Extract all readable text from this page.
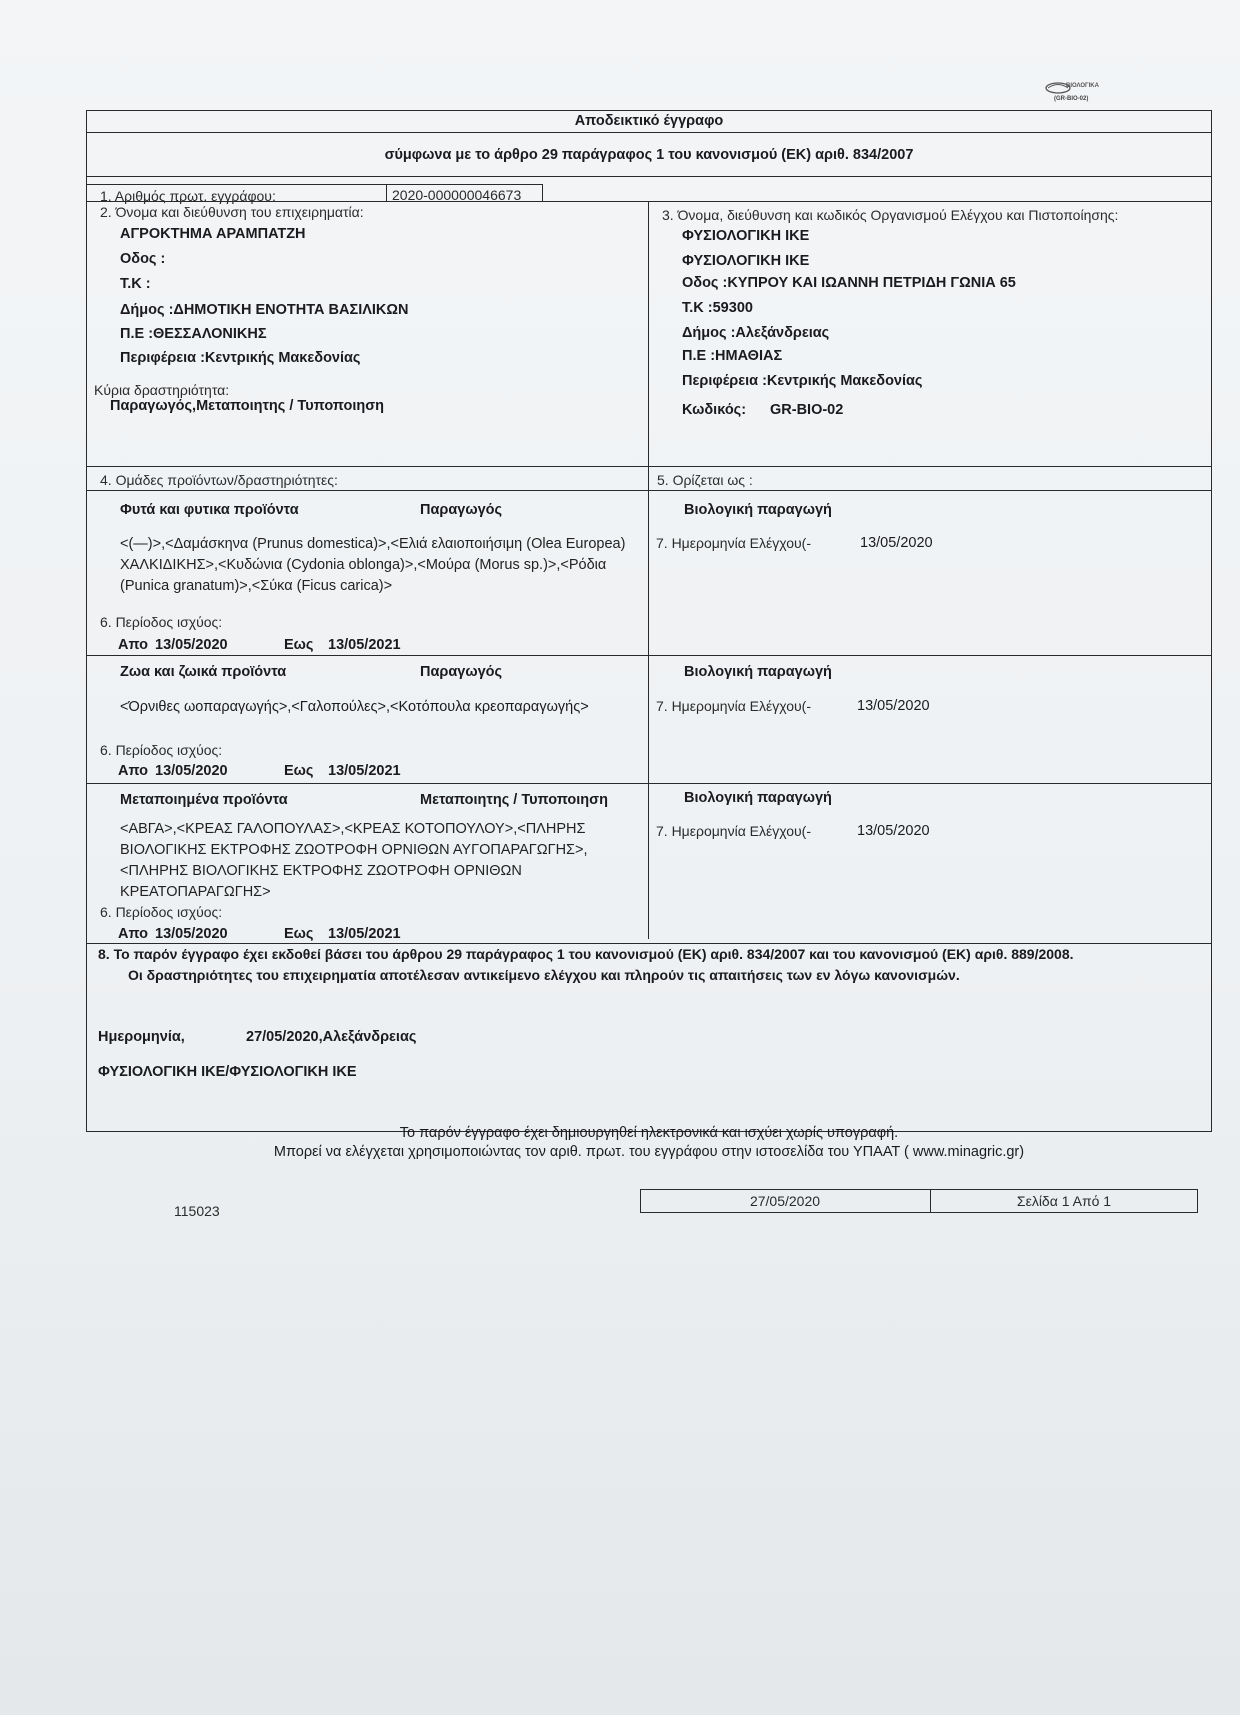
ΒΙΟΛΟΓΙΚΑ
(GR-BIO-02)
Αποδεικτικό έγγραφο
σύμφωνα με το άρθρο 29 παράγραφος 1 του κανονισμού (ΕΚ) αριθ. 834/2007
1. Αριθμός πρωτ. εγγράφου:	2020-000000046673
2. Όνομα και διεύθυνση του επιχειρηματία:
ΑΓΡΟΚΤΗΜΑ ΑΡΑΜΠΑΤΖΗ
Οδος :
Τ.Κ :
Δήμος :ΔΗΜΟΤΙΚΗ ΕΝΟΤΗΤΑ ΒΑΣΙΛΙΚΩΝ
Π.Ε :ΘΕΣΣΑΛΟΝΙΚΗΣ
Περιφέρεια :Κεντρικής Μακεδονίας
Κύρια δραστηριότητα:
Παραγωγός,Μεταποιητης / Τυποποιηση
3. Όνομα, διεύθυνση και κωδικός Οργανισμού Ελέγχου και Πιστοποίησης:
ΦΥΣΙΟΛΟΓΙΚΗ ΙΚΕ
ΦΥΣΙΟΛΟΓΙΚΗ ΙΚΕ
Οδος :ΚΥΠΡΟΥ ΚΑΙ ΙΩΑΝΝΗ ΠΕΤΡΙΔΗ ΓΩΝΙΑ 65
Τ.Κ :59300
Δήμος :Αλεξάνδρειας
Π.Ε :ΗΜΑΘΙΑΣ
Περιφέρεια :Κεντρικής Μακεδονίας
Κωδικός: GR-BIO-02
4. Ομάδες προϊόντων/δραστηριότητες:	5. Ορίζεται ως :
Φυτά και φυτικα προϊόντα	Παραγωγός
<(—)>,<Δαμάσκηνα (Prunus domestica)>,<Ελιά ελαιοποιήσιμη (Olea Europea) ΧΑΛΚΙΔΙΚΗΣ>,<Κυδώνια (Cydonia oblonga)>,<Μούρα (Morus sp.)>,<Ρόδια (Punica granatum)>,<Σύκα (Ficus carica)>
6. Περίοδος ισχύος:
Απο 13/05/2020	Εως 13/05/2021
Βιολογική παραγωγή
7. Ημερομηνία Ελέγχου(-	13/05/2020
Ζωα και ζωικά προϊόντα	Παραγωγός
<Όρνιθες ωοπαραγωγής>,<Γαλοπούλες>,<Κοτόπουλα κρεοπαραγωγής>
6. Περίοδος ισχύος:
Απο 13/05/2020	Εως 13/05/2021
Βιολογική παραγωγή
7. Ημερομηνία Ελέγχου(-	13/05/2020
Μεταποιημένα προϊόντα	Μεταποιητης / Τυποποιηση
<ΑΒΓΑ>,<ΚΡΕΑΣ ΓΑΛΟΠΟΥΛΑΣ>,<ΚΡΕΑΣ ΚΟΤΟΠΟΥΛΟΥ>,<ΠΛΗΡΗΣ ΒΙΟΛΟΓΙΚΗΣ ΕΚΤΡΟΦΗΣ ΖΩΟΤΡΟΦΗ ΟΡΝΙΘΩΝ ΑΥΓΟΠΑΡΑΓΩΓΗΣ>, <ΠΛΗΡΗΣ ΒΙΟΛΟΓΙΚΗΣ ΕΚΤΡΟΦΗΣ ΖΩΟΤΡΟΦΗ ΟΡΝΙΘΩΝ ΚΡΕΑΤΟΠΑΡΑΓΩΓΗΣ>
6. Περίοδος ισχύος:
Απο 13/05/2020	Εως 13/05/2021
Βιολογική παραγωγή
7. Ημερομηνία Ελέγχου(-	13/05/2020
8. Το παρόν έγγραφο έχει εκδοθεί βάσει του άρθρου 29 παράγραφος 1 του κανονισμού (ΕΚ) αριθ. 834/2007 και του κανονισμού (ΕΚ) αριθ. 889/2008.
Οι δραστηριότητες του επιχειρηματία αποτέλεσαν αντικείμενο ελέγχου και πληρούν τις απαιτήσεις των εν λόγω κανονισμών.
Ημερομηνία,	27/05/2020,Αλεξάνδρειας
ΦΥΣΙΟΛΟΓΙΚΗ ΙΚΕ/ΦΥΣΙΟΛΟΓΙΚΗ ΙΚΕ
Το παρόν έγγραφο έχει δημιουργηθεί ηλεκτρονικά και ισχύει χωρίς υπογραφή.
Μπορεί να ελέγχεται χρησιμοποιώντας τον αριθ. πρωτ. του εγγράφου στην ιστοσελίδα του ΥΠΑΑΤ ( www.minagric.gr)
115023
27/05/2020	Σελίδα 1 Από 1
